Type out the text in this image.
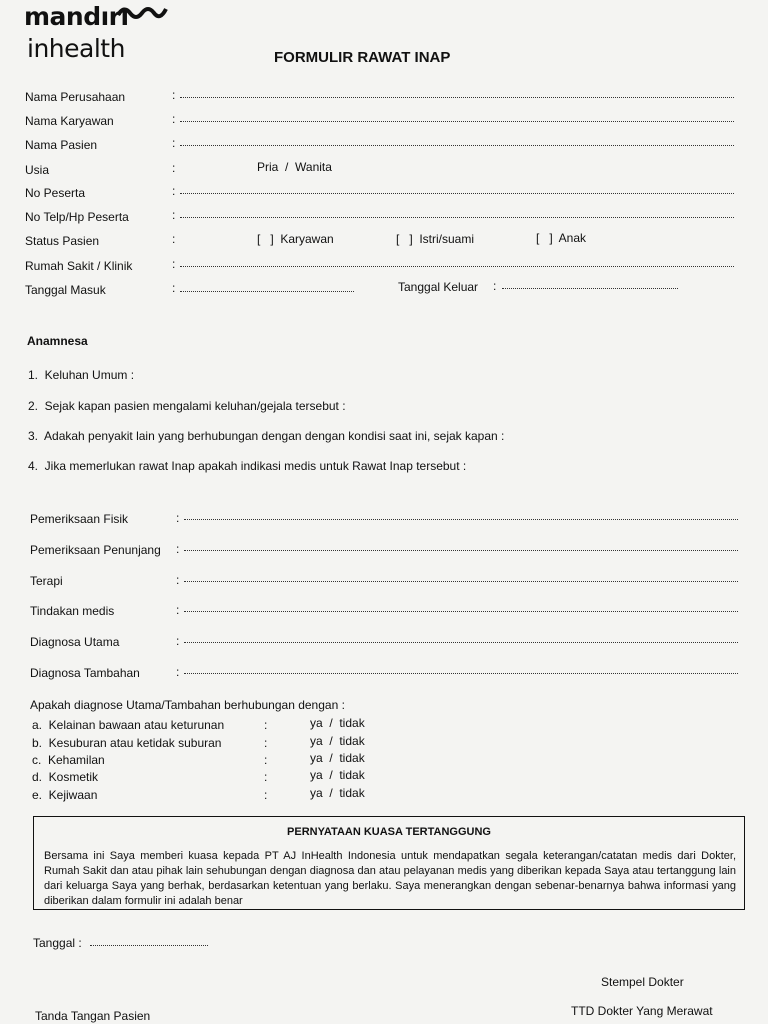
mandırı
inhealth	FORMULIR RAWAT INAP
Nama Perusahaan	:
Nama Karyawan	:
Nama Pasien	:
Usia	:	Pria  /  Wanita
No Peserta	:
No Telp/Hp Peserta	:
Status Pasien	:	[   ]  Karyawan	[   ]  Istri/suami	[   ]  Anak
Rumah Sakit / Klinik	:
Tanggal Masuk	:	Tanggal Keluar :
Anamnesa
1.  Keluhan Umum :
2.  Sejak kapan pasien mengalami keluhan/gejala tersebut :
3.  Adakah penyakit lain yang berhubungan dengan dengan kondisi saat ini, sejak kapan :
4.  Jika memerlukan rawat Inap apakah indikasi medis untuk Rawat Inap tersebut :
Pemeriksaan Fisik	:
Pemeriksaan Penunjang :
Terapi	:
Tindakan medis	:
Diagnosa Utama	:
Diagnosa Tambahan	:
Apakah diagnose Utama/Tambahan berhubungan dengan :
a.  Kelainan bawaan atau keturunan	:	ya  /  tidak
b.  Kesuburan atau ketidak suburan	:	ya  /  tidak
c.  Kehamilan	:	ya  /  tidak
d.  Kosmetik	:	ya  /  tidak
e.  Kejiwaan	:	ya  /  tidak
PERNYATAAN KUASA TERTANGGUNG
Bersama ini Saya memberi kuasa kepada PT AJ InHealth Indonesia untuk mendapatkan segala keterangan/catatan medis dari Dokter, Rumah Sakit dan atau pihak lain sehubungan dengan diagnosa dan atau pelayanan medis yang diberikan kepada Saya atau tertanggung lain dari keluarga Saya yang berhak, berdasarkan ketentuan yang berlaku. Saya menerangkan dengan sebenar-benarnya bahwa informasi yang diberikan dalam formulir ini adalah benar
Tanggal :
Stempel Dokter
TTD Dokter Yang Merawat
Tanda Tangan Pasien
